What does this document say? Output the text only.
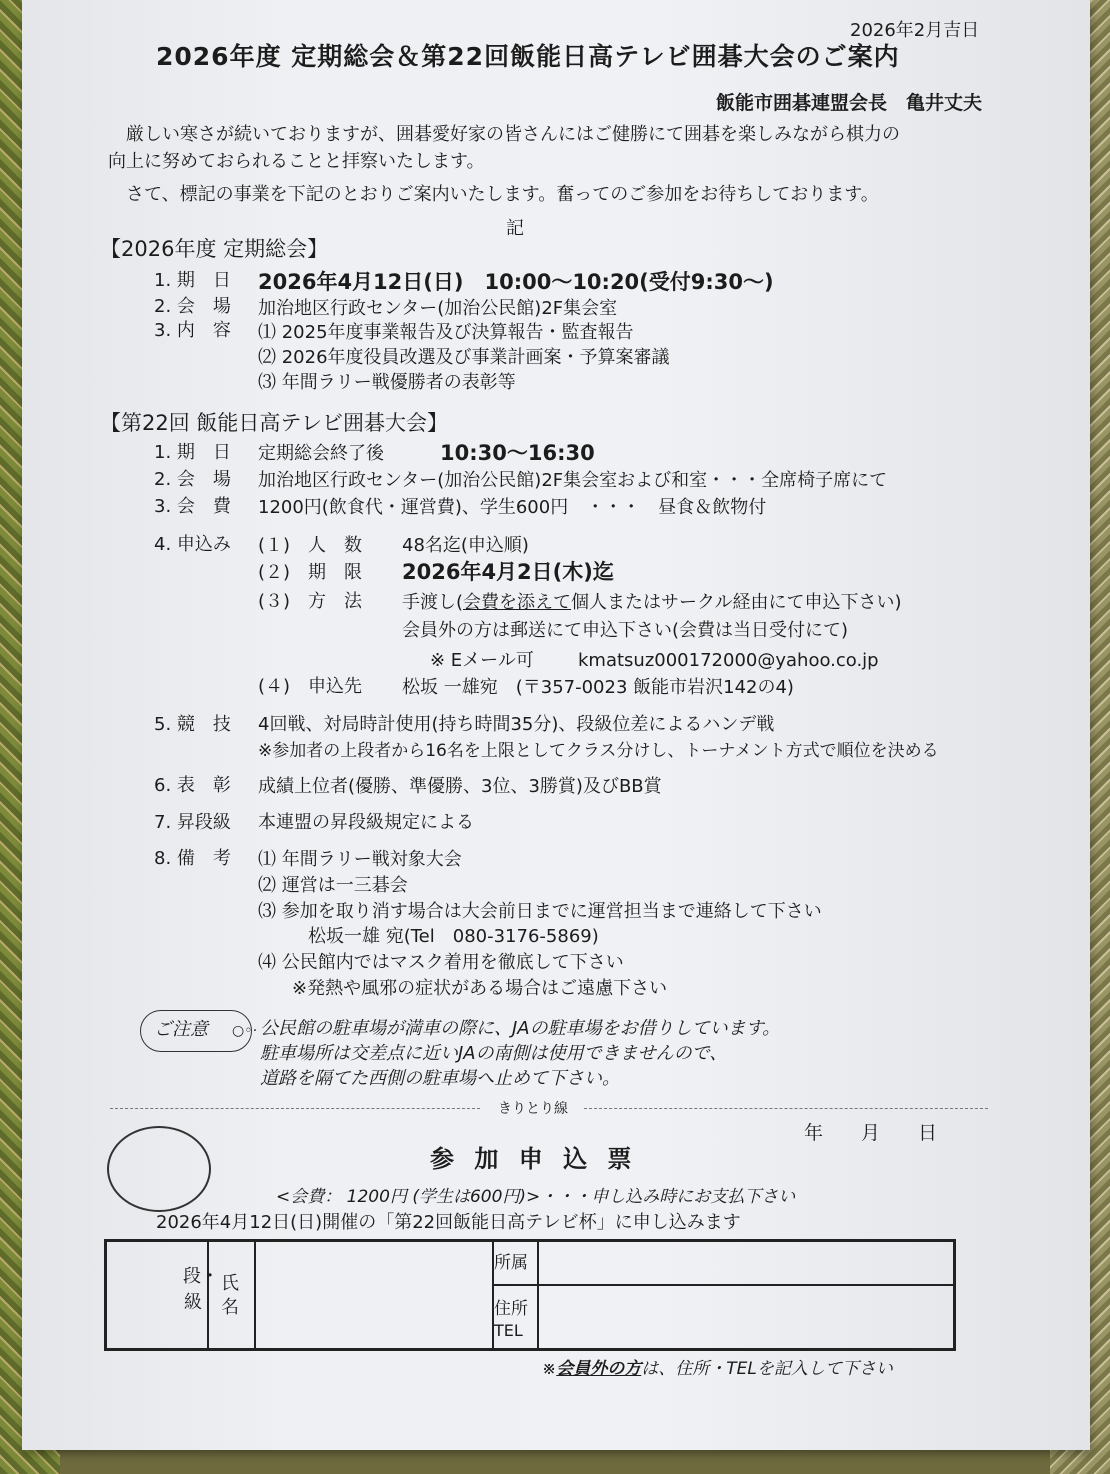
2026年2月吉日
2026年度 定期総会＆第22回飯能日高テレビ囲碁大会のご案内
飯能市囲碁連盟会長　亀井丈夫
　厳しい寒さが続いておりますが、囲碁愛好家の皆さんにはご健勝にて囲碁を楽しみながら棋力の
向上に努めておられることと拝察いたします。
　さて、標記の事業を下記のとおりご案内いたします。奮ってのご参加をお待ちしております。
記
【2026年度 定期総会】
1. 期　日 2026年4月12日(日)　10:00～10:20(受付9:30～)
2. 会　場 加治地区行政センター(加治公民館)2F集会室
3. 内　容 ⑴ 2025年度事業報告及び決算報告・監査報告
⑵ 2026年度役員改選及び事業計画案・予算案審議
⑶ 年間ラリー戦優勝者の表彰等
【第22回 飯能日高テレビ囲碁大会】
1. 期　日 定期総会終了後	10:30～16:30
2. 会　場 加治地区行政センター(加治公民館)2F集会室および和室・・・全席椅子席にて
3. 会　費 1200円(飲食代・運営費)、学生600円　・・・　昼食＆飲物付
4. 申込み (１)　人　数 48名迄(申込順)
(２)　期　限 2026年4月2日(木)迄
(３)　方　法 手渡し(会費を添えて個人またはサークル経由にて申込下さい)
会員外の方は郵送にて申込下さい(会費は当日受付にて)
※ Eメール可 kmatsuz000172000@yahoo.co.jp
(４)　申込先 松坂 一雄宛　(〒357-0023 飯能市岩沢142の4)
5. 競　技 4回戦、対局時計使用(持ち時間35分)、段級位差によるハンデ戦
※参加者の上段者から16名を上限としてクラス分けし、トーナメント方式で順位を決める
6. 表　彰 成績上位者(優勝、準優勝、3位、3勝賞)及びBB賞
7. 昇段級 本連盟の昇段級規定による
8. 備　考 ⑴ 年間ラリー戦対象大会
⑵ 運営は一三碁会
⑶ 参加を取り消す場合は大会前日までに運営担当まで連絡して下さい
松坂一雄 宛(Tel　080-3176-5869)
⑷ 公民館内ではマスク着用を徹底して下さい
※発熱や風邪の症状がある場合はご遠慮下さい
ご注意 ○◦· 公民館の駐車場が満車の際に、JAの駐車場をお借りしています。
駐車場所は交差点に近いJAの南側は使用できませんので、
道路を隔てた西側の駐車場へ止めて下さい。
きりとり線
年　　月　　日
参 加 申 込 票
<会費： 1200円 (学生は600円)>・・・申し込み時にお支払下さい
2026年4月12日(日)開催の「第22回飯能日高テレビ杯」に申し込みます
段・級
氏名
所属
住所
TEL
※会員外の方は、住所・TELを記入して下さい
